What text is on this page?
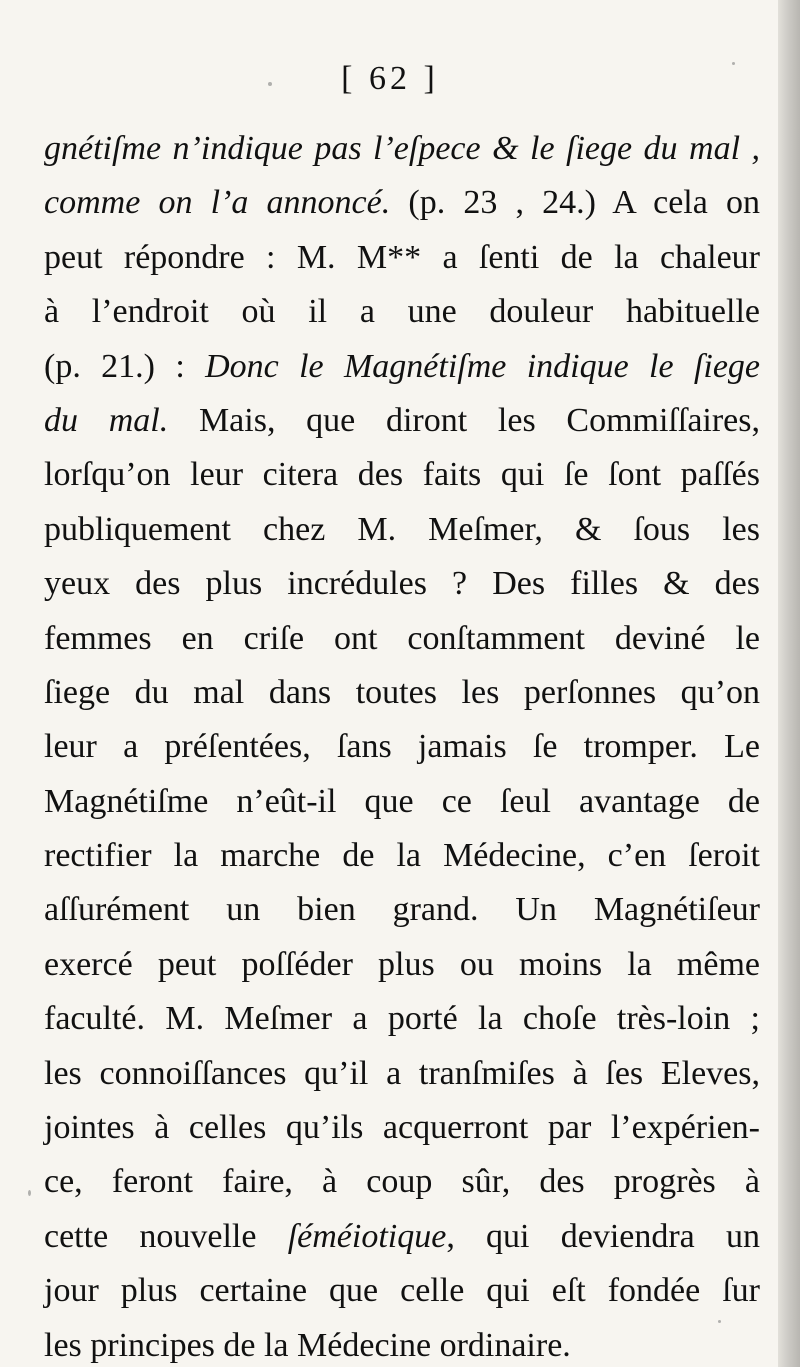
[ 62 ]
gnétiſme n’indique pas l’eſpece & le ſiege du mal ,
comme on l’a annoncé. (p. 23 , 24.) A cela on
peut répondre : M. M** a ſenti de la chaleur
à l’endroit où il a une douleur habituelle
(p. 21.) : Donc le Magnétiſme indique le ſiege
du mal. Mais, que diront les Commiſſaires,
lorſqu’on leur citera des faits qui ſe ſont paſſés
publiquement chez M. Meſmer, & ſous les
yeux des plus incrédules ? Des filles & des
femmes en criſe ont conſtamment deviné le
ſiege du mal dans toutes les perſonnes qu’on
leur a préſentées, ſans jamais ſe tromper. Le
Magnétiſme n’eût-il que ce ſeul avantage de
rectifier la marche de la Médecine, c’en ſeroit
aſſurément un bien grand. Un Magnétiſeur
exercé peut poſſéder plus ou moins la même
faculté. M. Meſmer a porté la choſe très-loin ;
les connoiſſances qu’il a tranſmiſes à ſes Eleves,
jointes à celles qu’ils acquerront par l’expérien-
ce, feront faire, à coup sûr, des progrès à
cette nouvelle ſéméiotique, qui deviendra un
jour plus certaine que celle qui eſt fondée ſur
les principes de la Médecine ordinaire.
